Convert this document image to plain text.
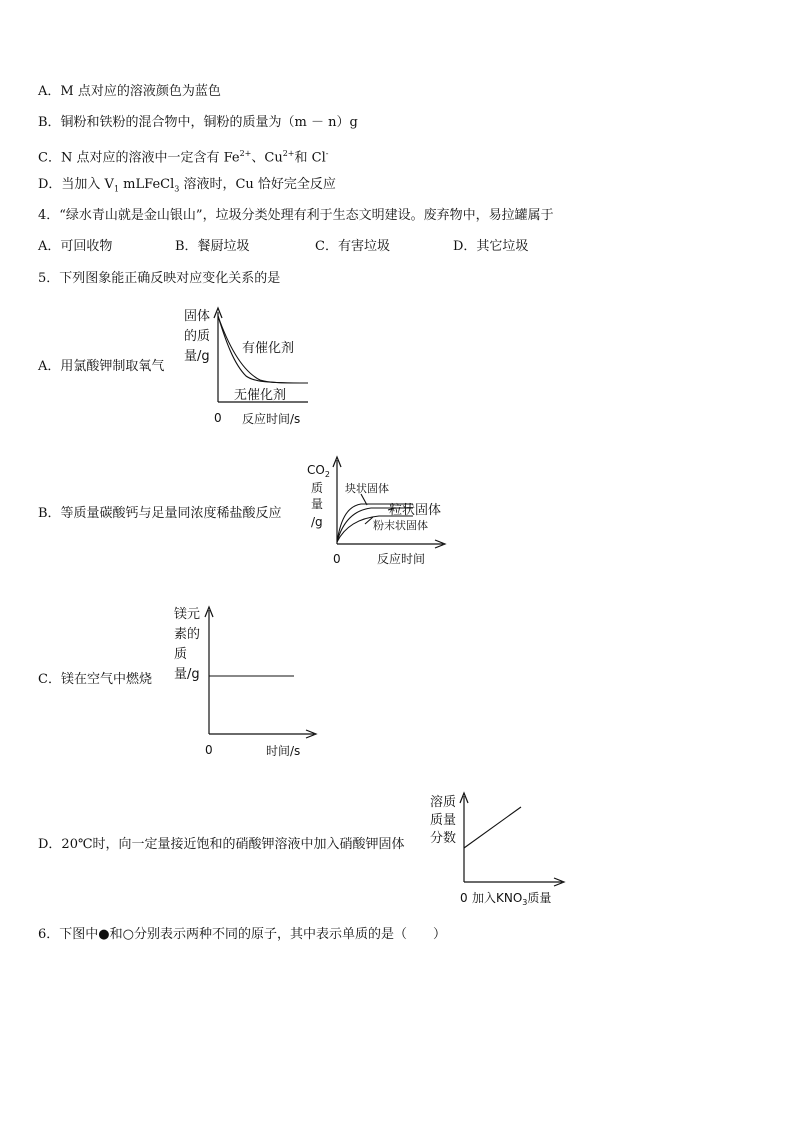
A．M 点对应的溶液颜色为蓝色
B．铜粉和铁粉的混合物中，铜粉的质量为（m － n）g
C．N 点对应的溶液中一定含有 $Fe^{2+}$、$Cu^{2+}$和 Cl-
D．当加入 $V_1$ mLFeCl$_3$ 溶液时，Cu 恰好完全反应
4．“绿水青山就是金山银山”，垃圾分类处理有利于生态文明建设。废弃物中，易拉罐属于
A．可回收物	B．餐厨垃圾	C．有害垃圾	D．其它垃圾
5．下列图象能正确反映对应变化关系的是
A．用氯酸钾制取氧气
固体
的质
量/g
有催化剂
无催化剂
0 反应时间/s
B．等质量碳酸钙与足量同浓度稀盐酸反应
$CO_2$
质
量
/g
块状固体
粒状固体
粉末状固体
0	反应时间
C．镁在空气中燃烧
镁元
素的
质
量/g
0	时间/s
D．20℃时，向一定量接近饱和的硝酸钾溶液中加入硝酸钾固体
溶质
质量
分数
0 加入$KNO_3$质量
6．下图中●和○分别表示两种不同的原子，其中表示单质的是（　　）
